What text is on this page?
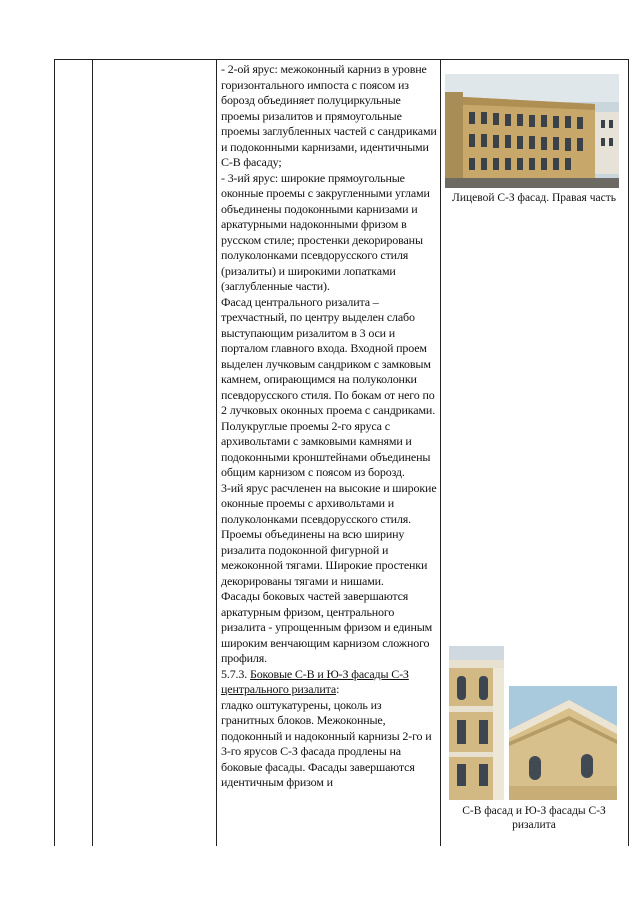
- 2-ой ярус: межоконный карниз в уровне горизонтального импоста с поясом из борозд объединяет полуциркульные проемы ризалитов и прямоугольные проемы заглубленных частей с сандриками и подоконными карнизами, идентичными С-В фасаду;

- 3-ий ярус: широкие прямоугольные оконные проемы с закругленными углами объединены подоконными карнизами и аркатурными надоконными фризом в русском стиле; простенки декорированы полуколонками псевдорусского стиля (ризалиты) и широкими лопатками (заглубленные части).

Фасад центрального ризалита – трехчастный, по центру выделен слабо выступающим ризалитом в 3 оси и порталом главного входа. Входной проем выделен лучковым сандриком с замковым камнем, опирающимся на полуколонки псевдорусского стиля. По бокам от него по 2 лучковых оконных проема с сандриками.

Полукруглые проемы 2-го яруса с архивольтами с замковыми камнями и подоконными кронштейнами объединены общим карнизом с поясом из борозд.

3-ий ярус расчленен на высокие и широкие оконные проемы с архивольтами и полуколонками псевдорусского стиля. Проемы объединены на всю ширину ризалита подоконной фигурной и межоконной тягами. Широкие простенки декорированы тягами и нишами.

Фасады боковых частей завершаются аркатурным фризом, центрального ризалита - упрощенным фризом и единым широким венчающим карнизом сложного профиля.

5.7.3. Боковые С-В и Ю-З фасады С-З центрального ризалита:

гладко оштукатурены, цоколь из гранитных блоков. Межоконные, подоконный и надоконный карнизы 2-го и 3-го ярусов С-З фасада продлены на боковые фасады. Фасады завершаются идентичным фризом и

Лицевой С-З фасад. Правая часть
С-В фасад и Ю-З фасады С-З ризалита
